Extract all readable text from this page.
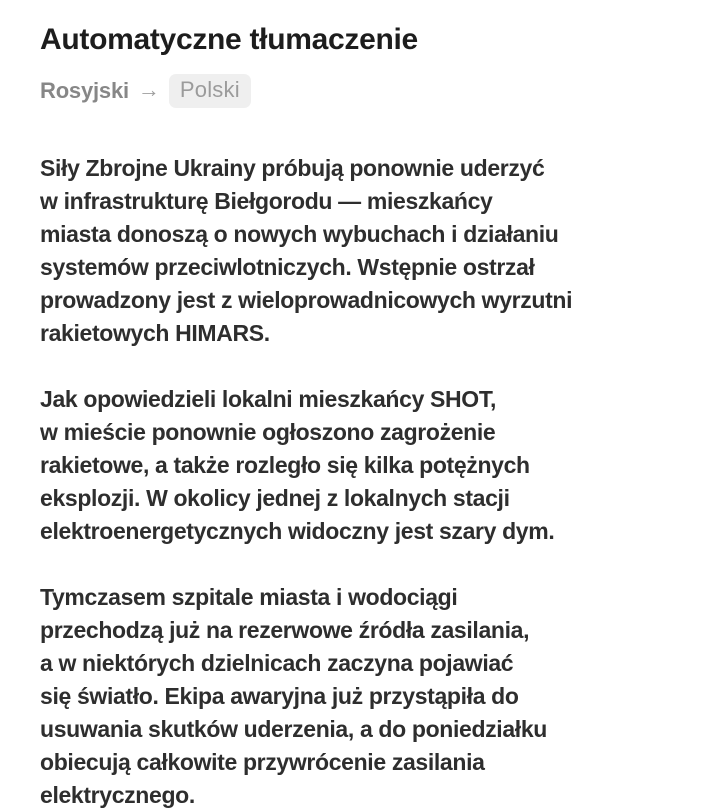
Automatyczne tłumaczenie
Rosyjski → Polski

Siły Zbrojne Ukrainy próbują ponownie uderzyć
w infrastrukturę Biełgorodu — mieszkańcy
miasta donoszą o nowych wybuchach i działaniu
systemów przeciwlotniczych. Wstępnie ostrzał
prowadzony jest z wieloprowadnicowych wyrzutni
rakietowych HIMARS.

Jak opowiedzieli lokalni mieszkańcy SHOT,
w mieście ponownie ogłoszono zagrożenie
rakietowe, a także rozległo się kilka potężnych
eksplozji. W okolicy jednej z lokalnych stacji
elektroenergetycznych widoczny jest szary dym.

Tymczasem szpitale miasta i wodociągi
przechodzą już na rezerwowe źródła zasilania,
a w niektórych dzielnicach zaczyna pojawiać
się światło. Ekipa awaryjna już przystąpiła do
usuwania skutków uderzenia, a do poniedziałku
obiecują całkowite przywrócenie zasilania
elektrycznego.
